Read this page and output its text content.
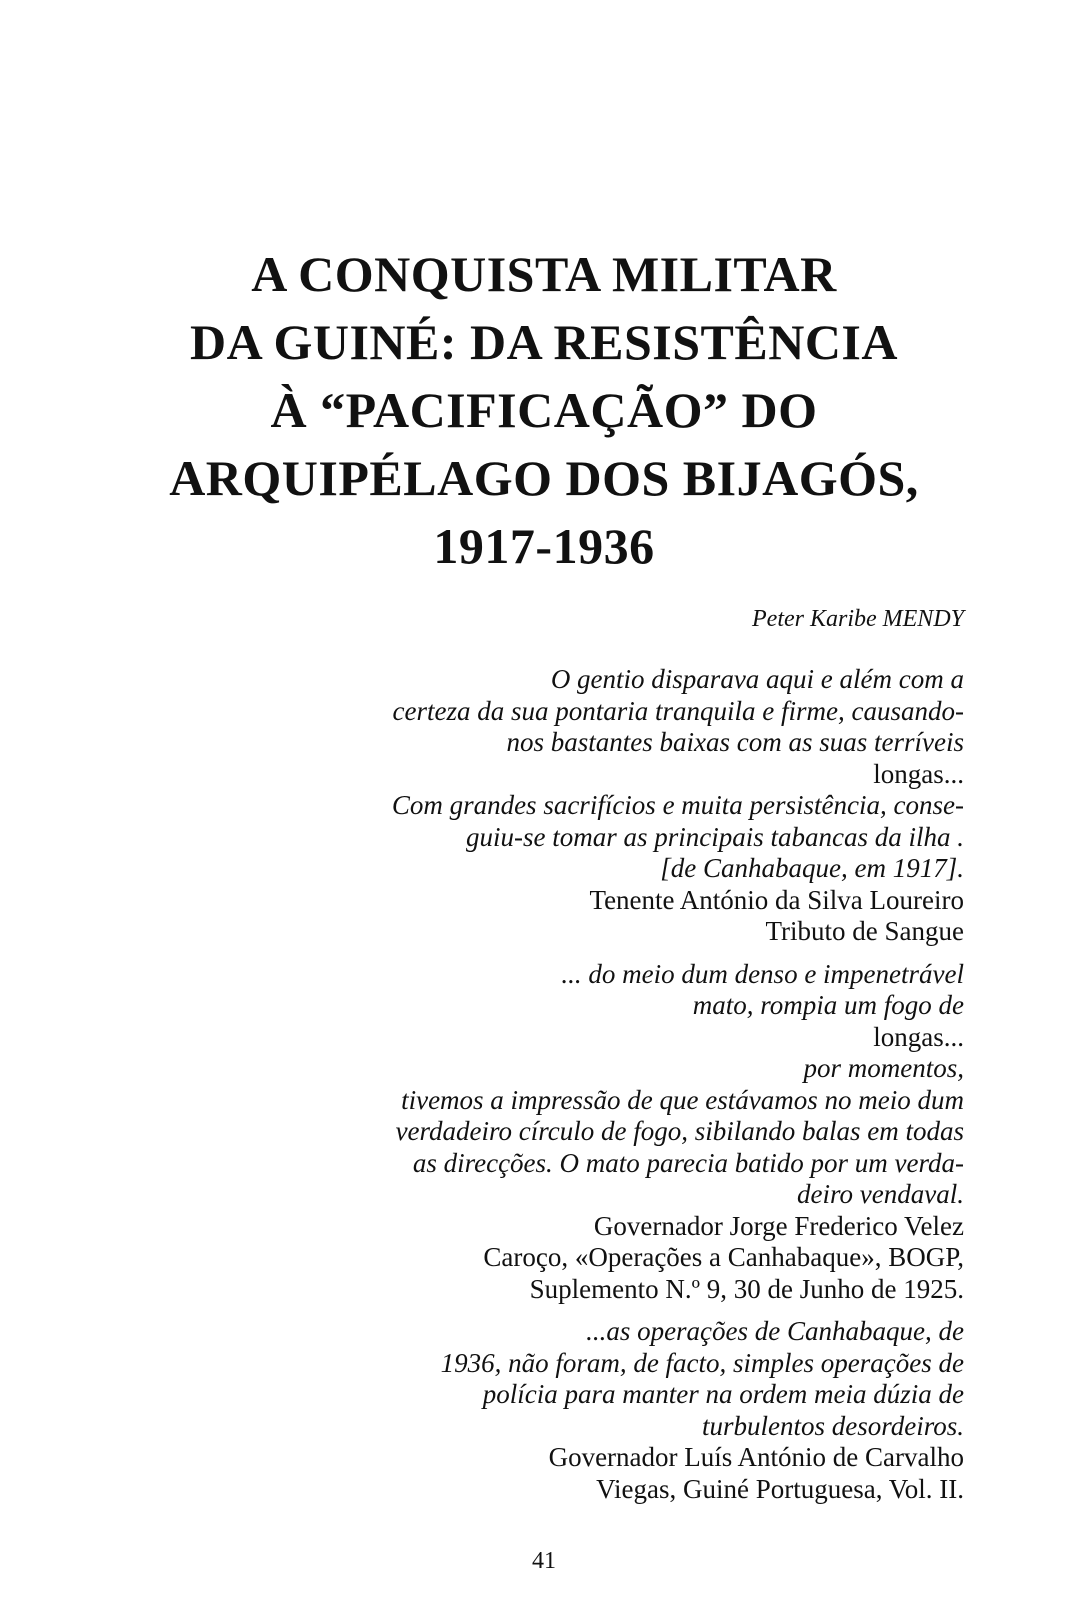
A CONQUISTA MILITAR
DA GUINÉ: DA RESISTÊNCIA
À “PACIFICAÇÃO” DO
ARQUIPÉLAGO DOS BIJAGÓS,
1917-1936

Peter Karibe MENDY

O gentio disparava aqui e além com a
certeza da sua pontaria tranquila e firme, causando-
nos bastantes baixas com as suas terríveis
longas...
Com grandes sacrifícios e muita persistência, conse-
guiu-se tomar as principais tabancas da ilha .
[de Canhabaque, em 1917].
Tenente António da Silva Loureiro
Tributo de Sangue
... do meio dum denso e impenetrável
mato, rompia um fogo de
longas...
por momentos,
tivemos a impressão de que estávamos no meio dum
verdadeiro círculo de fogo, sibilando balas em todas
as direcções. O mato parecia batido por um verda-
deiro vendaval.
Governador Jorge Frederico Velez
Caroço, «Operações a Canhabaque», BOGP,
Suplemento N.º 9, 30 de Junho de 1925.
...as operações de Canhabaque, de
1936, não foram, de facto, simples operações de
polícia para manter na ordem meia dúzia de
turbulentos desordeiros.
Governador Luís António de Carvalho
Viegas, Guiné Portuguesa, Vol. II.

41
